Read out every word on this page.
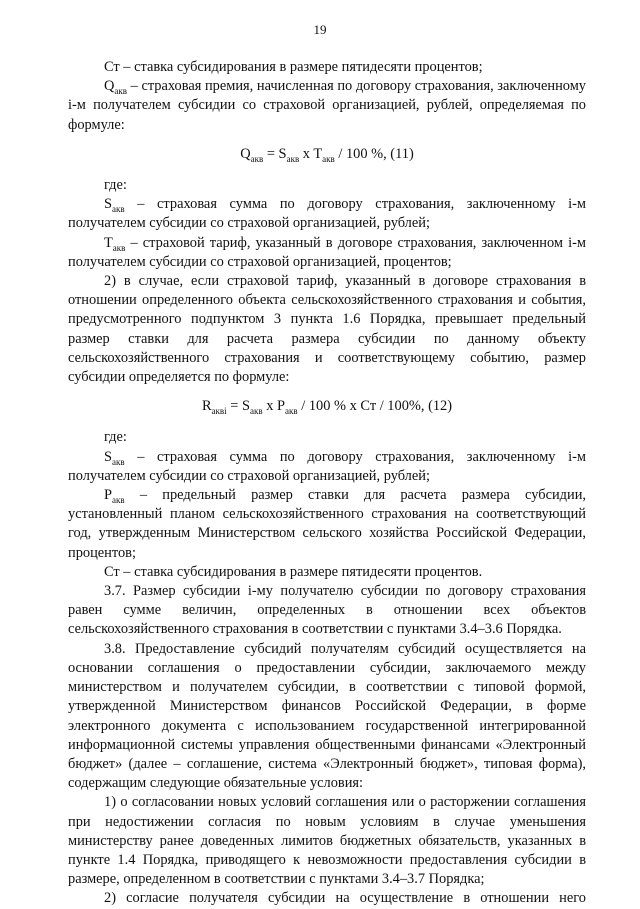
19

Ст – ставка субсидирования в размере пятидесяти процентов;

$Q_{акв}$ – страховая премия, начисленная по договору страхования, заключенному i-м получателем субсидии со страховой организацией, рублей, определяемая по формуле:

$Q_{акв} = S_{акв}$ x $T_{акв} / 100$ %, (11)

где:

$S_{акв}$ – страховая сумма по договору страхования, заключенному i-м получателем субсидии со страховой организацией, рублей;

$T_{акв}$ – страховой тариф, указанный в договоре страхования, заключенном i-м получателем субсидии со страховой организацией, процентов;

2) в случае, если страховой тариф, указанный в договоре страхования в отношении определенного объекта сельскохозяйственного страхования и события, предусмотренного подпунктом 3 пункта 1.6 Порядка, превышает предельный размер ставки для расчета размера субсидии по данному объекту сельскохозяйственного страхования и соответствующему событию, размер субсидии определяется по формуле:

$R_{аквi} = S_{акв}$ x $P_{акв} / 100$ % x Ст / 100%, (12)

где:

$S_{акв}$ – страховая сумма по договору страхования, заключенному i-м получателем субсидии со страховой организацией, рублей;

$P_{акв}$ – предельный размер ставки для расчета размера субсидии, установленный планом сельскохозяйственного страхования на соответствующий год, утвержденным Министерством сельского хозяйства Российской Федерации, процентов;

Ст – ставка субсидирования в размере пятидесяти процентов.

3.7. Размер субсидии i-му получателю субсидии по договору страхования равен сумме величин, определенных в отношении всех объектов сельскохозяйственного страхования в соответствии с пунктами 3.4–3.6 Порядка.

3.8. Предоставление субсидий получателям субсидий осуществляется на основании соглашения о предоставлении субсидии, заключаемого между министерством и получателем субсидии, в соответствии с типовой формой, утвержденной Министерством финансов Российской Федерации, в форме электронного документа с использованием государственной интегрированной информационной системы управления общественными финансами «Электронный бюджет» (далее – соглашение, система «Электронный бюджет», типовая форма), содержащим следующие обязательные условия:

1) о согласовании новых условий соглашения или о расторжении соглашения при недостижении согласия по новым условиям в случае уменьшения министерству ранее доведенных лимитов бюджетных обязательств, указанных в пункте 1.4 Порядка, приводящего к невозможности предоставления субсидии в размере, определенном в соответствии с пунктами 3.4–3.7 Порядка;

2) согласие получателя субсидии на осуществление в отношении него
